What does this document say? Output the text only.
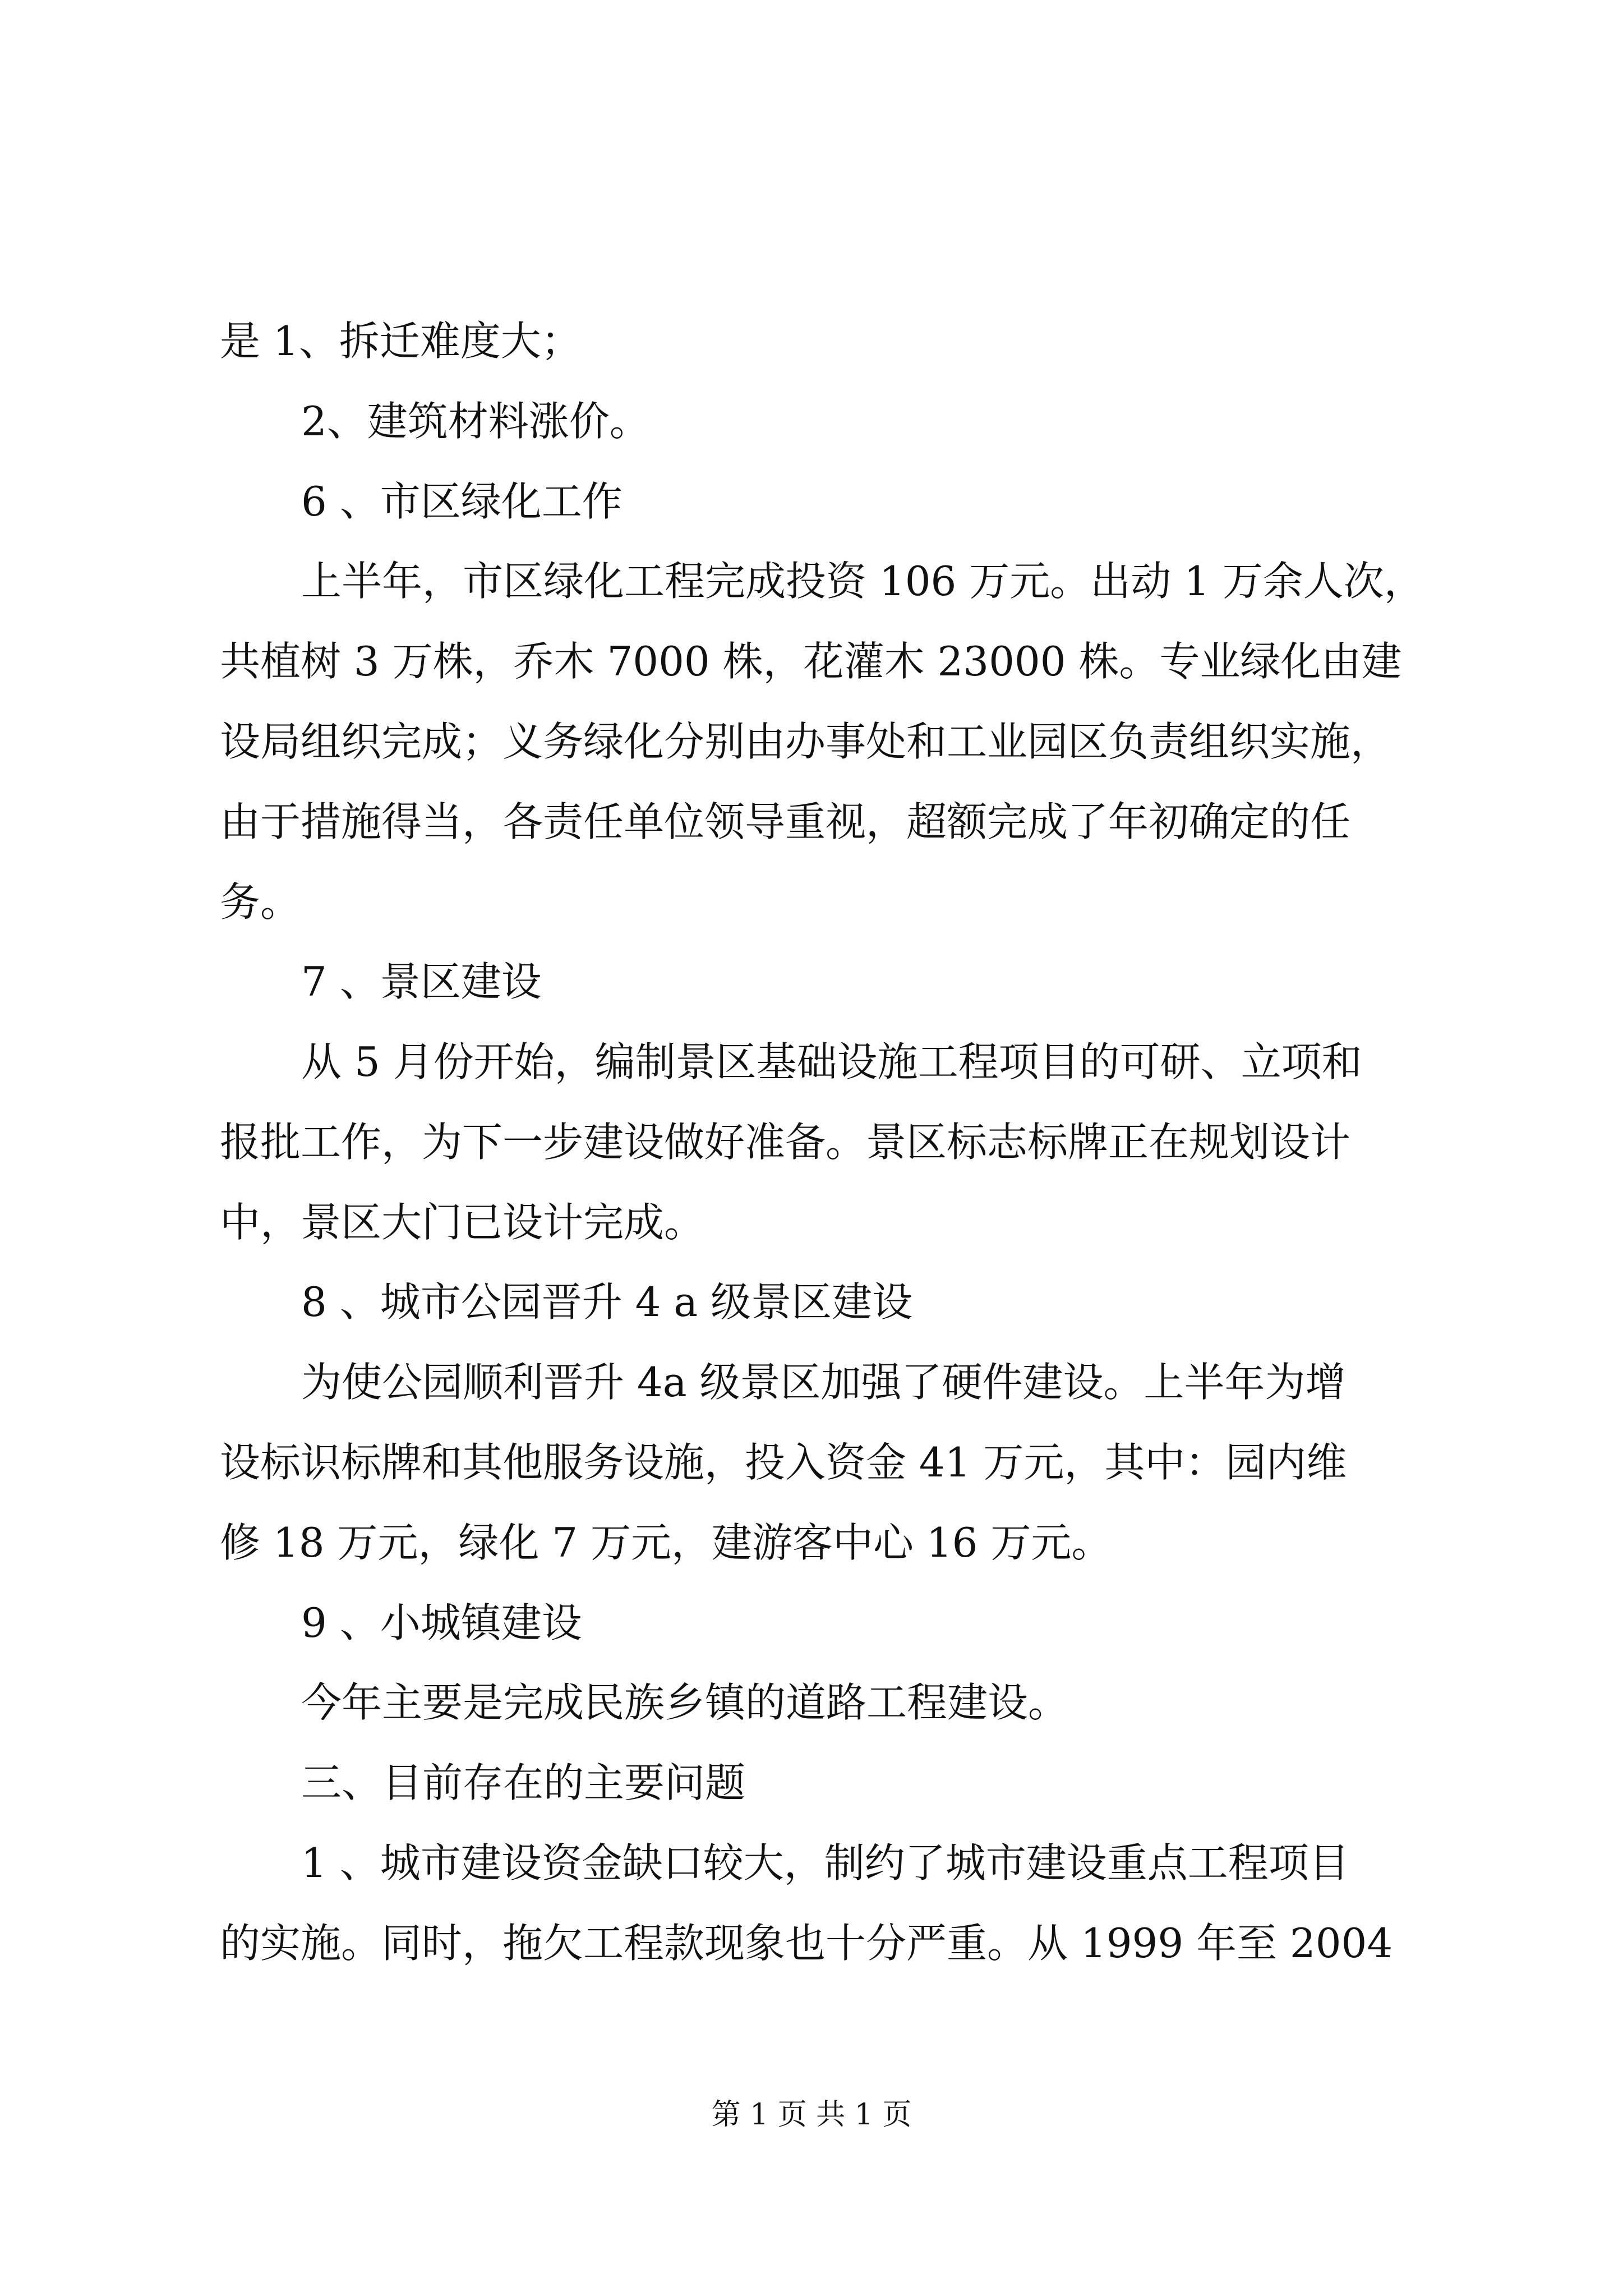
是 1、拆迁难度大；
2、建筑材料涨价。
6 、市区绿化工作
上半年，市区绿化工程完成投资 106 万元。出动 1 万余人次，
共植树 3 万株，乔木 7000 株，花灌木 23000 株。专业绿化由建
设局组织完成；义务绿化分别由办事处和工业园区负责组织实施，
由于措施得当，各责任单位领导重视，超额完成了年初确定的任
务。
7 、景区建设
从 5 月份开始，编制景区基础设施工程项目的可研、立项和
报批工作，为下一步建设做好准备。景区标志标牌正在规划设计
中，景区大门已设计完成。
8 、城市公园晋升 4 a 级景区建设
为使公园顺利晋升 4a 级景区加强了硬件建设。上半年为增
设标识标牌和其他服务设施，投入资金 41 万元，其中：园内维
修 18 万元，绿化 7 万元，建游客中心 16 万元。
9 、小城镇建设
今年主要是完成民族乡镇的道路工程建设。
三、目前存在的主要问题
1 、城市建设资金缺口较大，制约了城市建设重点工程项目
的实施。同时，拖欠工程款现象也十分严重。从 1999 年至 2004
第 1 页 共 1 页
